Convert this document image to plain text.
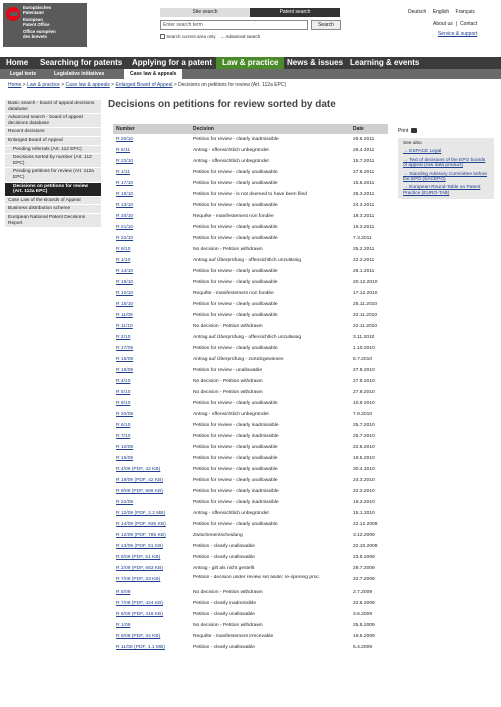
Europäisches
Patentamt
European
Patent Office
Office européen
des brevets
Site search	Patent search
Enter search term	Search
Search current area only → Advanced search
Deutsch English Français
About us | Contact
Service & support
Home Searching for patents Applying for a patent	Law & practice	News & issues Learning & events
Legal texts	Legislative initiatives	Case law & appeals
Home > Law & practice > Case law & appeals > Enlarged Board of Appeal > Decisions on petitions for review (Art. 112a EPC)
Basic search - board of appeal decisions database
Advanced search - board of appeal decisions database
Recent decisions
Enlarged Board of Appeal
Pending referrals (Art. 112 EPC)
Decisions sorted by number (Art. 112 EPC)
Pending petitions for review (Art. 112a EPC)
Decisions on petitions for review (Art. 112a EPC)
Case Law of the Boards of Appeal
Business distribution scheme
European National Patent Decisions Report
Decisions on petitions for review sorted by date
Number	Decision	Date
R 20/10	Petition for review - clearly inadmissible	25.5.2011
R 5/11	Antrag - offensichtlich unbegründet	26.4.2011
R 23/10	Antrag - offensichtlich unbegründet	15.7.2011
R 1/11	Petition for review - clearly unallowable	27.6.2011
R 17/10	Petition for review - clearly unallowable	15.6.2011
R 18/10	Petition for review - is not deemed to have been filed	25.3.2011
R 13/10	Petition for review - clearly unallowable	24.3.2011
R 20/10	Requête - manifestement non fondée	18.3.2011
R 21/10	Petition for review - clearly unallowable	16.3.2011
R 22/10	Petition for review - clearly unallowable	7.3.2011
R 9/10	No decision - Petition withdrawn	25.2.2011
R 1/10	Antrag auf Überprüfung - offensichtlich unzulässig	22.2.2011
R 14/10	Petition for review - clearly unallowable	26.1.2011
R 19/10	Petition for review - clearly unallowable	20.12.2010
R 10/10	Requête - manifestement non fondée	17.12.2010
R 15/10	Petition for review - clearly unallowable	25.11.2010
R 11/09	Petition for review - clearly unallowable	22.11.2010
R 11/10	No decision - Petition withdrawn	22.11.2010
R 2/10	Antrag auf Überprüfung - offensichtlich unzulässig	3.11.2010
R 17/09	Petition for review - clearly unallowable	1.10.2010
R 15/09	Antrag auf Überprüfung - zurückgewiesen	5.7.2010
R 18/09	Petition for review - unallowable	27.9.2010
R 4/10	No decision - Petition withdrawn	27.9.2010
R 5/10	No decision - Petition withdrawn	27.9.2010
R 9/10	Petition for review - clearly unallowable	10.9.2010
R 20/09	Antrag - offensichtlich unbegründet	7.9.2010
R 6/10	Petition for review - clearly inadmissible	25.7.2010
R 7/10	Petition for review - clearly inadmissible	25.7.2010
R 10/09	Petition for review - clearly unallowable	22.6.2010
R 16/09	Petition for review - clearly unallowable	19.5.2010
R 4/09 (PDF, 42 KB)	Petition for review - clearly unallowable	30.4.2010
R 19/09 (PDF, 42 KB)	Petition for review - clearly unallowable	24.3.2010
R 9/09 (PDF, 566 KB)	Petition for review - clearly inadmissible	22.3.2010
R 22/09	Petition for review - clearly inadmissible	19.3.2010
R 12/09 (PDF, 2.2 MB)	Antrag - offensichtlich unbegründet	15.1.2010
R 14/09 (PDF, 935 KB)	Petition for review - clearly unallowable	22.12.2009
R 12/09 (PDF, 765 KB)	Zwischenentscheidung	3.12.2009
R 13/09 (PDF, 51 KB)	Petition - clearly unallowable	22.10.2009
R 8/09 (PDF, 51 KB)	Petition - clearly unallowable	23.9.2009
R 2/09 (PDF, 663 KB)	Antrag - gilt als nicht gestellt	29.7.2009
R 7/09 (PDF, 33 KB)	Petition - decision under review set aside; re-opening proc.	22.7.2009
R 5/09	No decision - Petition withdrawn	2.7.2009
R 7/08 (PDF, 424 KB)	Petition - clearly inadmissible	22.6.2009
R 6/09 (PDF, 419 KB)	Petition - clearly unallowable	3.6.2009
R 1/09	No decision - Petition withdrawn	25.5.2009
R 8/08 (PDF, 34 KB)	Requête - manifestement irrecevable	19.5.2009
R 11/08 (PDF, 1.1 MB)	Petition - clearly unallowable	6.4.2009
Print
See also
→ ESPACE Legal
→ Text of decisions of the EPO boards of appeal (raw data product)
→ Standing Advisory Committee before the EPO (SACEPO)
→ European Round-Table on Patent Practice (EURO-TAB)
